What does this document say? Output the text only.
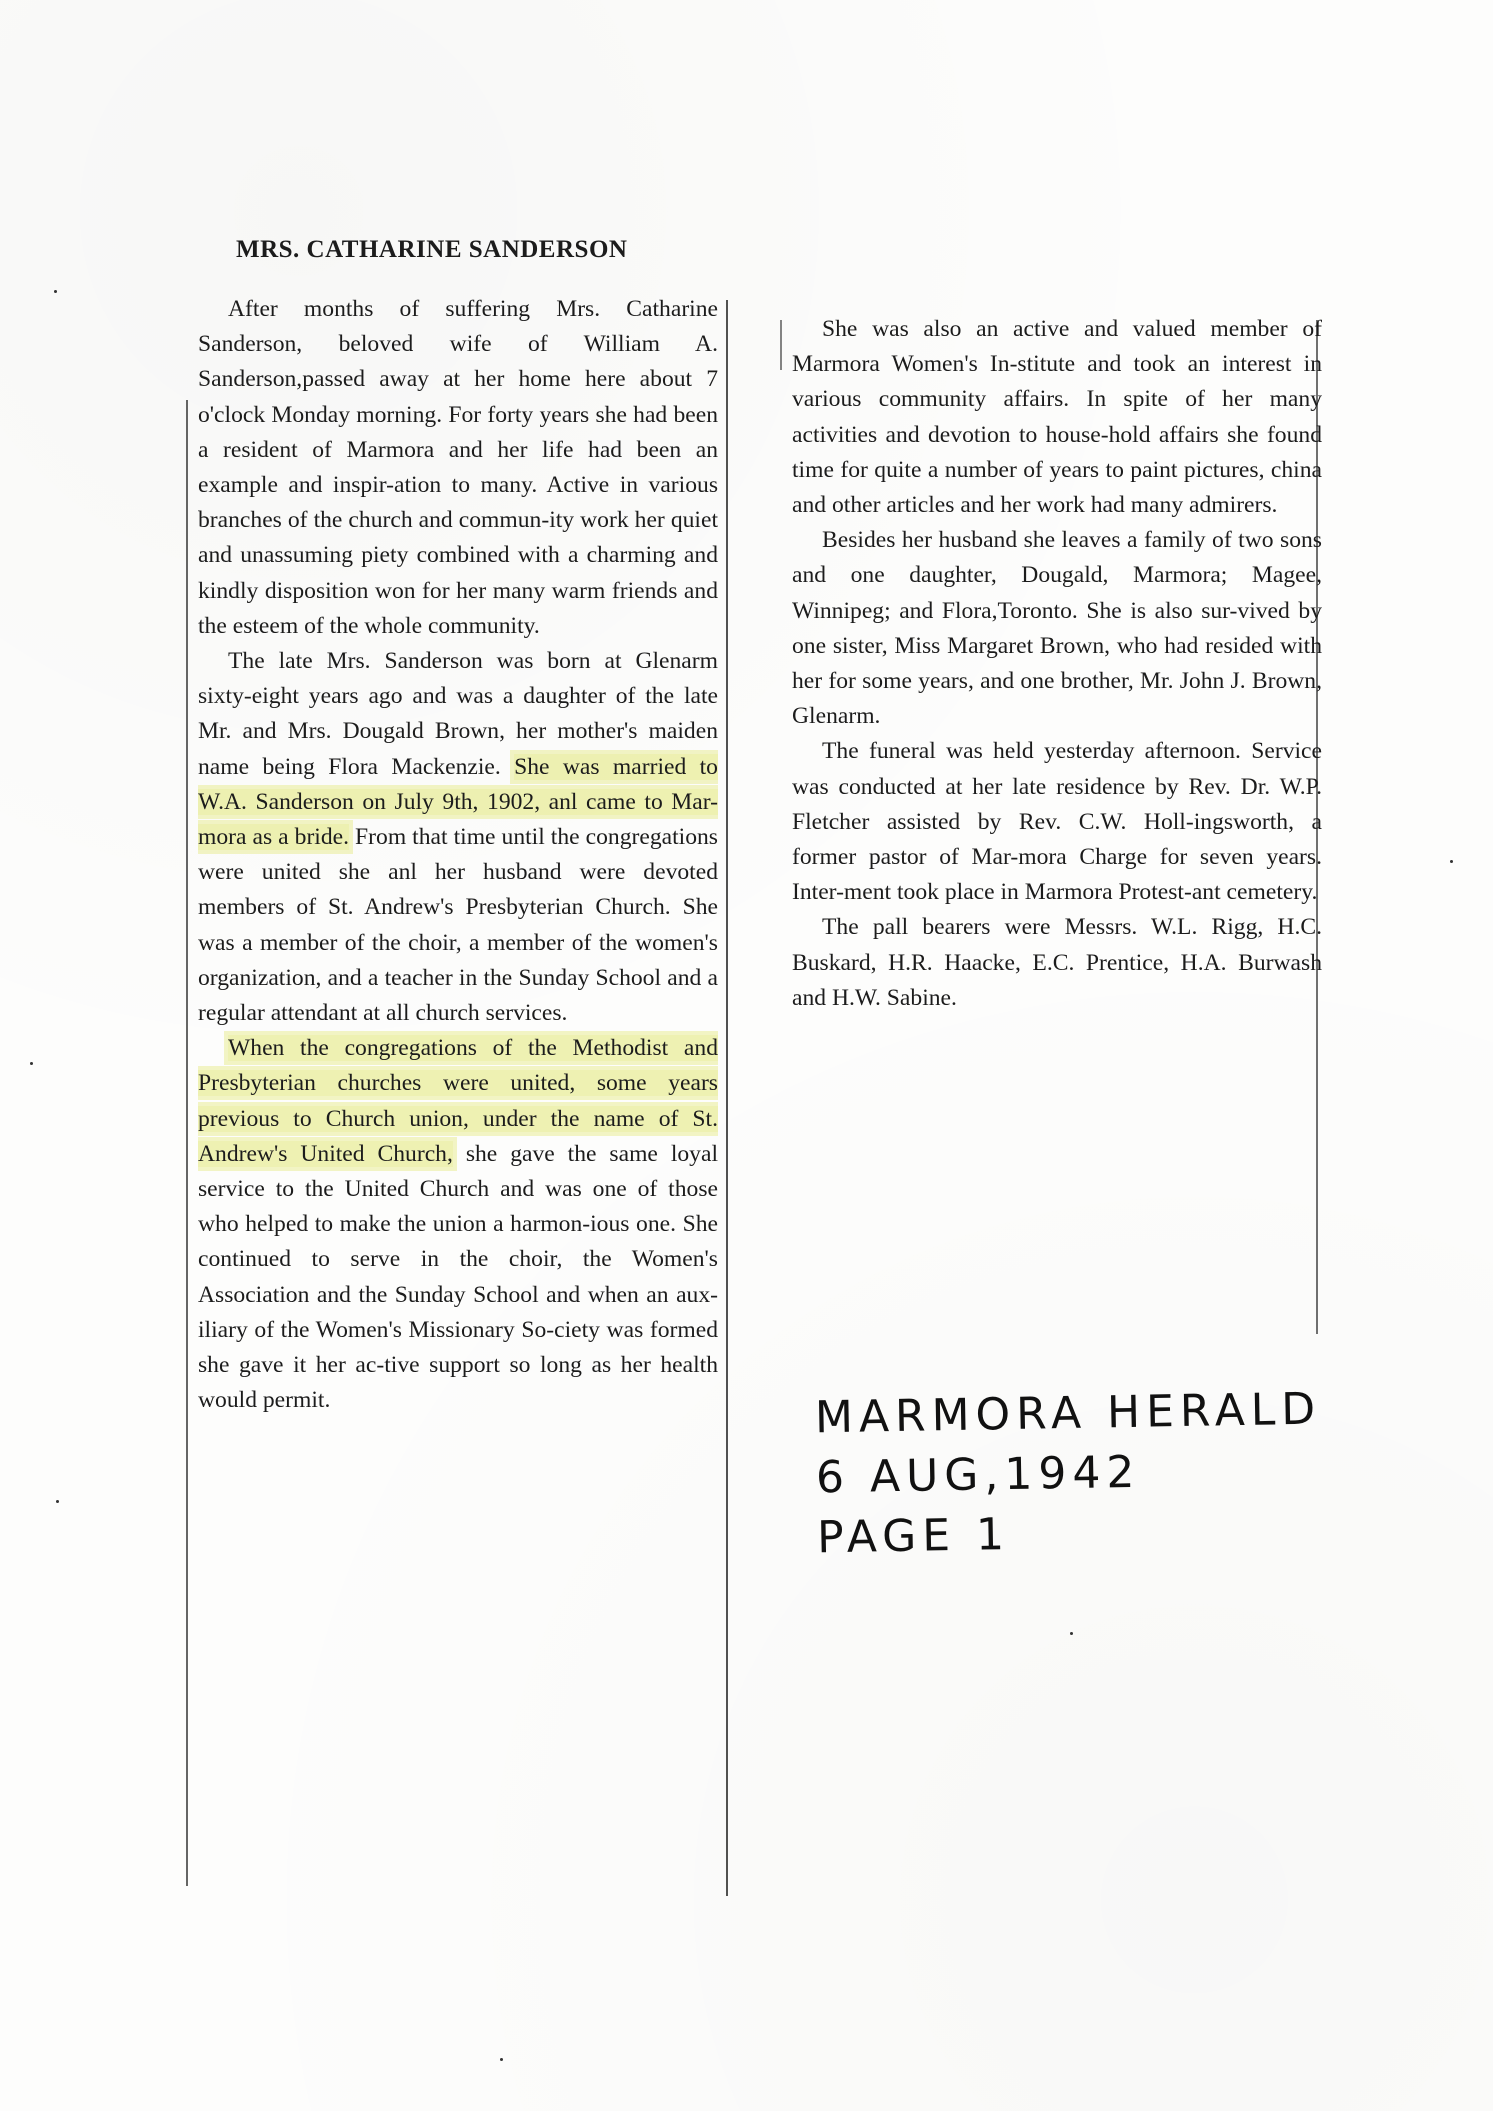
MRS. CATHARINE SANDERSON

After months of suffering Mrs. Catharine Sanderson, beloved wife of William A. Sanderson,passed away at her home here about 7 o'clock Monday morning. For forty years she had been a resident of Marmora and her life had been an example and inspir-ation to many. Active in various branches of the church and commun-ity work her quiet and unassuming piety combined with a charming and kindly disposition won for her many warm friends and the esteem of the whole community.

The late Mrs. Sanderson was born at Glenarm sixty-eight years ago and was a daughter of the late Mr. and Mrs. Dougald Brown, her mother's maiden name being Flora Mackenzie. She was married to W.A. Sanderson on July 9th, 1902, anl came to Mar-mora as a bride. From that time until the congregations were united she anl her husband were devoted members of St. Andrew's Presbyterian Church. She was a member of the choir, a member of the women's organization, and a teacher in the Sunday School and a regular attendant at all church services.

When the congregations of the Methodist and Presbyterian churches were united, some years previous to Church union, under the name of St. Andrew's United Church, she gave the same loyal service to the United Church and was one of those who helped to make the union a harmon-ious one. She continued to serve in the choir, the Women's Association and the Sunday School and when an aux-iliary of the Women's Missionary So-ciety was formed she gave it her ac-tive support so long as her health would permit.

She was also an active and valued member of Marmora Women's In-stitute and took an interest in various community affairs. In spite of her many activities and devotion to house-hold affairs she found time for quite a number of years to paint pictures, china and other articles and her work had many admirers.

Besides her husband she leaves a family of two sons and one daughter, Dougald, Marmora; Magee, Winnipeg; and Flora,Toronto. She is also sur-vived by one sister, Miss Margaret Brown, who had resided with her for some years, and one brother, Mr. John J. Brown, Glenarm.

The funeral was held yesterday afternoon. Service was conducted at her late residence by Rev. Dr. W.P. Fletcher assisted by Rev. C.W. Holl-ingsworth, a former pastor of Mar-mora Charge for seven years. Inter-ment took place in Marmora Protest-ant cemetery.

The pall bearers were Messrs. W.L. Rigg, H.C. Buskard, H.R. Haacke, E.C. Prentice, H.A. Burwash and H.W. Sabine.

MARMORA HERALD
6 AUG,1942
PAGE 1
